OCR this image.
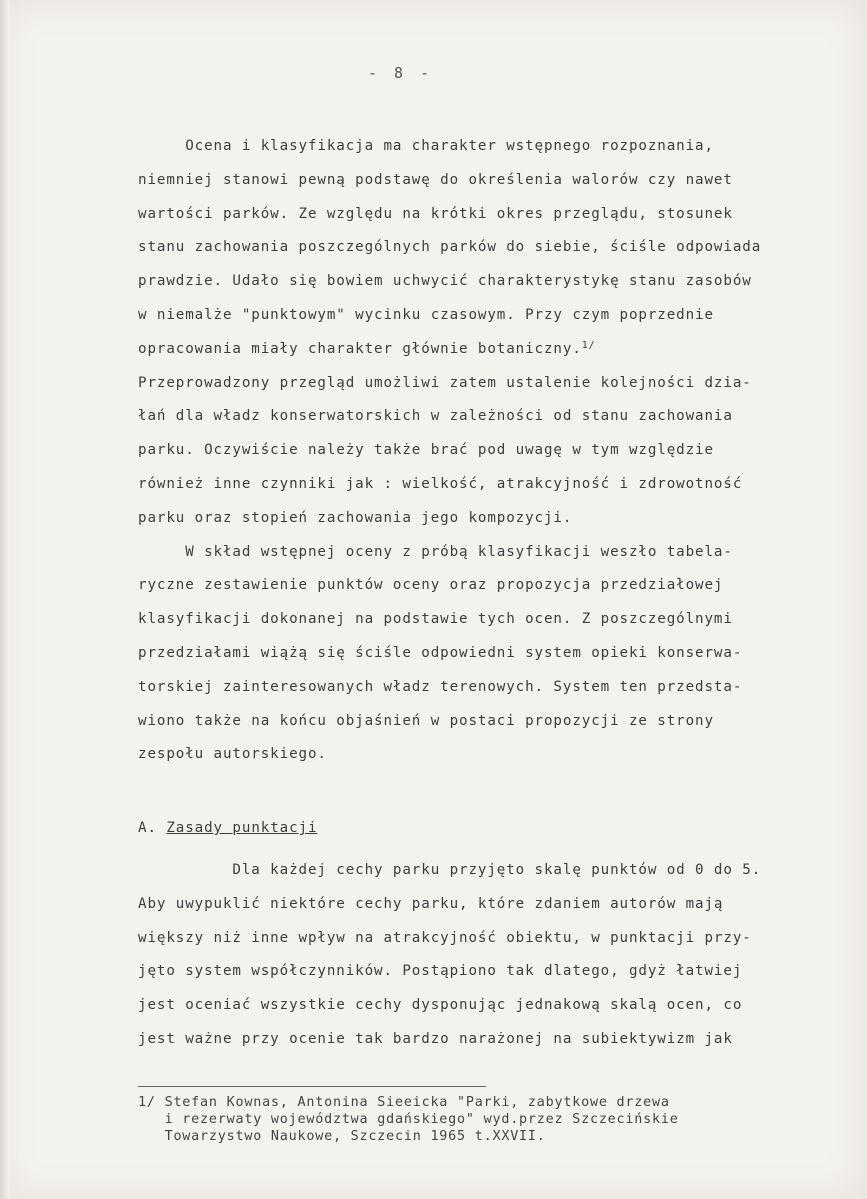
- 8 -
Ocena i klasyfikacja ma charakter wstępnego rozpoznania,
niemniej stanowi pewną podstawę do określenia walorów czy nawet
wartości parków. Ze względu na krótki okres przeglądu, stosunek
stanu zachowania poszczególnych parków do siebie, ściśle odpowiada
prawdzie. Udało się bowiem uchwycić charakterystykę stanu zasobów
w niemalże "punktowym" wycinku czasowym. Przy czym poprzednie
opracowania miały charakter głównie botaniczny.$^{1/}$
Przeprowadzony przegląd umożliwi zatem ustalenie kolejności dzia-
łań dla władz konserwatorskich w zależności od stanu zachowania
parku. Oczywiście należy także brać pod uwagę w tym względzie
również inne czynniki jak : wielkość, atrakcyjność i zdrowotność
parku oraz stopień zachowania jego kompozycji.
W skład wstępnej oceny z próbą klasyfikacji weszło tabela-
ryczne zestawienie punktów oceny oraz propozycja przedziałowej
klasyfikacji dokonanej na podstawie tych ocen. Z poszczególnymi
przedziałami wiążą się ściśle odpowiedni system opieki konserwa-
torskiej zainteresowanych władz terenowych. System ten przedsta-
wiono także na końcu objaśnień w postaci propozycji ze strony
zespołu autorskiego.
A. Zasady punktacji
Dla każdej cechy parku przyjęto skalę punktów od 0 do 5.
Aby uwypuklić niektóre cechy parku, które zdaniem autorów mają
większy niż inne wpływ na atrakcyjność obiektu, w punktacji przy-
jęto system współczynników. Postąpiono tak dlatego, gdyż łatwiej
jest oceniać wszystkie cechy dysponując jednakową skalą ocen, co
jest ważne przy ocenie tak bardzo narażonej na subiektywizm jak
1/ Stefan Kownas, Antonina Sieeicka "Parki, zabytkowe drzewa
i rezerwaty województwa gdańskiego" wyd.przez Szczecińskie
Towarzystwo Naukowe, Szczecin 1965 t.XXVII.
